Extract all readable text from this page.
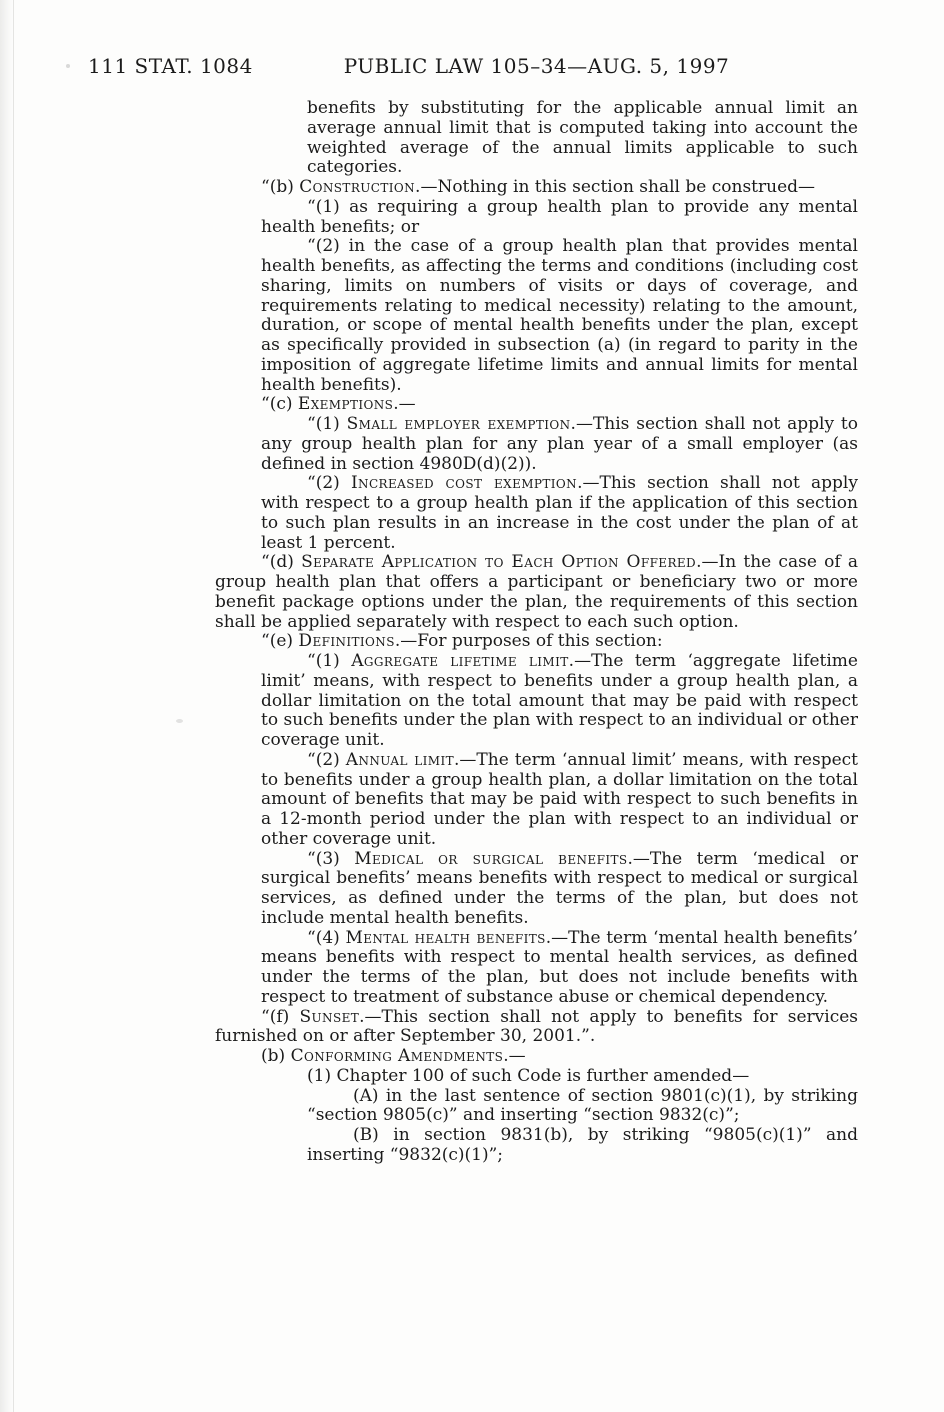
111 STAT. 1084	PUBLIC LAW 105–34—AUG. 5, 1997

benefits by substituting for the applicable annual limit an average annual limit that is computed taking into account the weighted average of the annual limits applicable to such categories.

“(b) Construction.—Nothing in this section shall be construed—

“(1) as requiring a group health plan to provide any mental health benefits; or

“(2) in the case of a group health plan that provides mental health benefits, as affecting the terms and conditions (including cost sharing, limits on numbers of visits or days of coverage, and requirements relating to medical necessity) relating to the amount, duration, or scope of mental health benefits under the plan, except as specifically provided in subsection (a) (in regard to parity in the imposition of aggregate lifetime limits and annual limits for mental health benefits).

“(c) Exemptions.—

“(1) Small employer exemption.—This section shall not apply to any group health plan for any plan year of a small employer (as defined in section 4980D(d)(2)).

“(2) Increased cost exemption.—This section shall not apply with respect to a group health plan if the application of this section to such plan results in an increase in the cost under the plan of at least 1 percent.

“(d) Separate Application to Each Option Offered.—In the case of a group health plan that offers a participant or beneficiary two or more benefit package options under the plan, the requirements of this section shall be applied separately with respect to each such option.

“(e) Definitions.—For purposes of this section:

“(1) Aggregate lifetime limit.—The term ‘aggregate lifetime limit’ means, with respect to benefits under a group health plan, a dollar limitation on the total amount that may be paid with respect to such benefits under the plan with respect to an individual or other coverage unit.

“(2) Annual limit.—The term ‘annual limit’ means, with respect to benefits under a group health plan, a dollar limitation on the total amount of benefits that may be paid with respect to such benefits in a 12-month period under the plan with respect to an individual or other coverage unit.

“(3) Medical or surgical benefits.—The term ‘medical or surgical benefits’ means benefits with respect to medical or surgical services, as defined under the terms of the plan, but does not include mental health benefits.

“(4) Mental health benefits.—The term ‘mental health benefits’ means benefits with respect to mental health services, as defined under the terms of the plan, but does not include benefits with respect to treatment of substance abuse or chemical dependency.

“(f) Sunset.—This section shall not apply to benefits for services furnished on or after September 30, 2001.”.

(b) Conforming Amendments.—

(1) Chapter 100 of such Code is further amended—

(A) in the last sentence of section 9801(c)(1), by striking “section 9805(c)” and inserting “section 9832(c)”;

(B) in section 9831(b), by striking “9805(c)(1)” and inserting “9832(c)(1)”;
